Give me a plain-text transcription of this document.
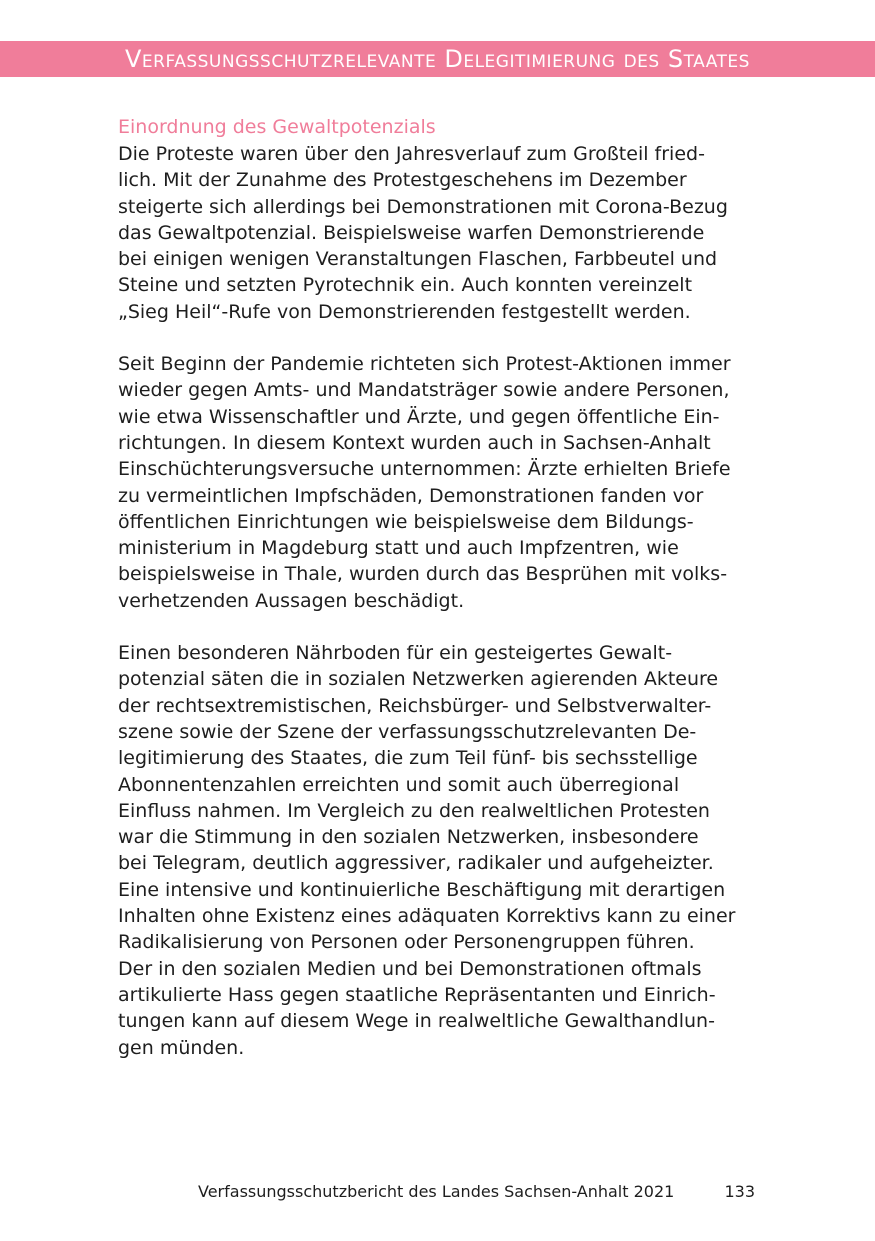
Verfassungsschutzrelevante Delegitimierung des Staates
Einordnung des Gewaltpotenzials

Die Proteste waren über den Jahresverlauf zum Großteil fried-
lich. Mit der Zunahme des Protestgeschehens im Dezember
steigerte sich allerdings bei Demonstrationen mit Corona-Bezug
das Gewaltpotenzial. Beispielsweise warfen Demonstrierende
bei einigen wenigen Veranstaltungen Flaschen, Farbbeutel und
Steine und setzten Pyrotechnik ein. Auch konnten vereinzelt
„Sieg Heil“-Rufe von Demonstrierenden festgestellt werden.

Seit Beginn der Pandemie richteten sich Protest-Aktionen immer
wieder gegen Amts- und Mandatsträger sowie andere Personen,
wie etwa Wissenschaftler und Ärzte, und gegen öffentliche Ein-
richtungen. In diesem Kontext wurden auch in Sachsen-Anhalt
Einschüchterungsversuche unternommen: Ärzte erhielten Briefe
zu vermeintlichen Impfschäden, Demonstrationen fanden vor
öffentlichen Einrichtungen wie beispielsweise dem Bildungs-
ministerium in Magdeburg statt und auch Impfzentren, wie
beispielsweise in Thale, wurden durch das Besprühen mit volks-
verhetzenden Aussagen beschädigt.

Einen besonderen Nährboden für ein gesteigertes Gewalt-
potenzial säten die in sozialen Netzwerken agierenden Akteure
der rechtsextremistischen, Reichsbürger- und Selbstverwalter-
szene sowie der Szene der verfassungsschutzrelevanten De-
legitimierung des Staates, die zum Teil fünf- bis sechsstellige
Abonnentenzahlen erreichten und somit auch überregional
Einfluss nahmen. Im Vergleich zu den realweltlichen Protesten
war die Stimmung in den sozialen Netzwerken, insbesondere
bei Telegram, deutlich aggressiver, radikaler und aufgeheizter.
Eine intensive und kontinuierliche Beschäftigung mit derartigen
Inhalten ohne Existenz eines adäquaten Korrektivs kann zu einer
Radikalisierung von Personen oder Personengruppen führen.
Der in den sozialen Medien und bei Demonstrationen oftmals
artikulierte Hass gegen staatliche Repräsentanten und Einrich-
tungen kann auf diesem Wege in realweltliche Gewalthandlun-
gen münden.

Verfassungsschutzbericht des Landes Sachsen-Anhalt 2021	133
